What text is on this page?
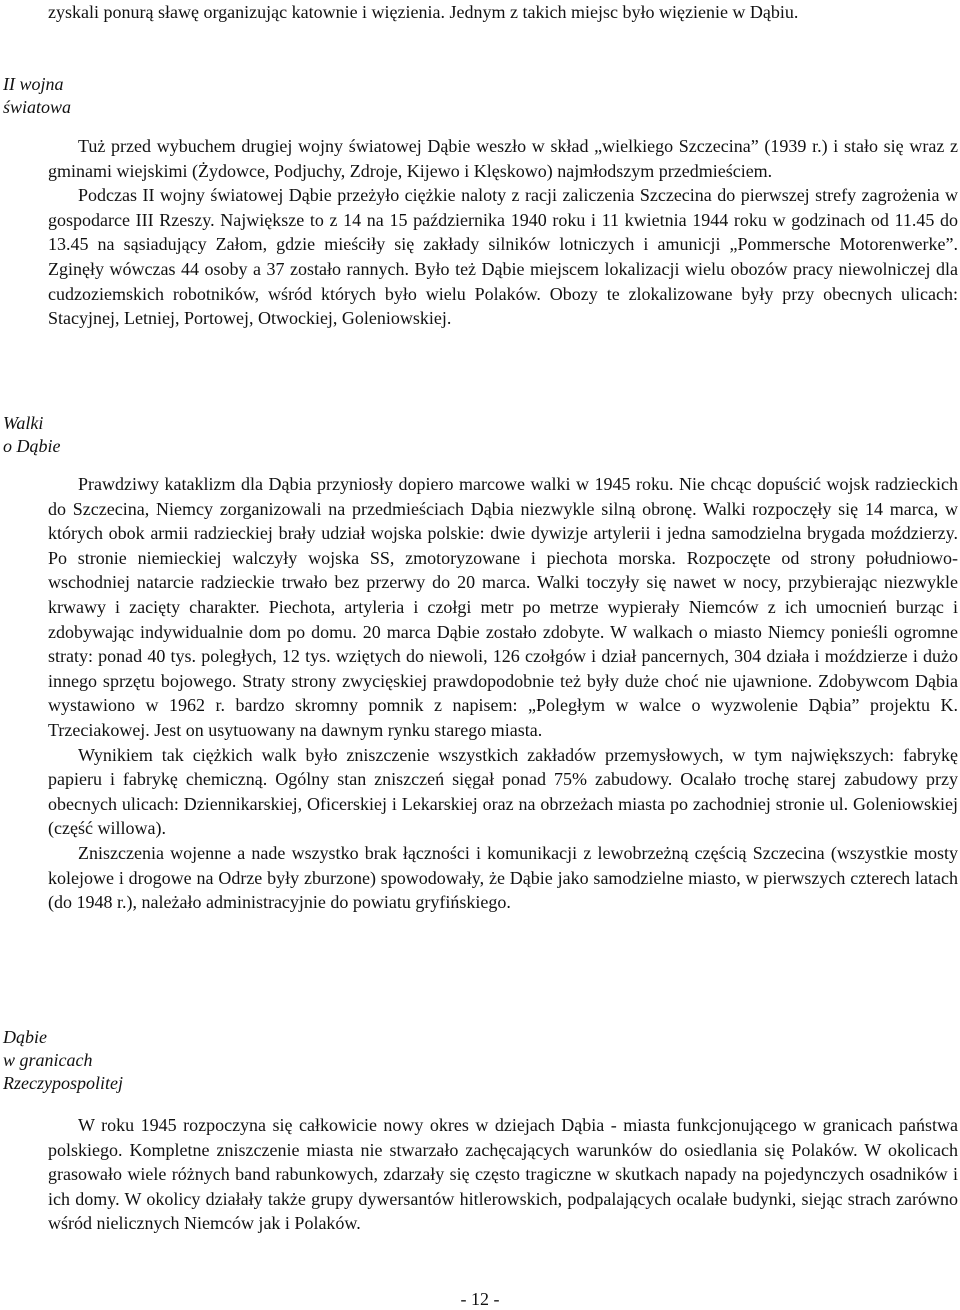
zyskali ponurą sławę organizując katownie i więzienia. Jednym z takich miejsc było więzienie w Dąbiu.

II wojna
światowa

Tuż przed wybuchem drugiej wojny światowej Dąbie weszło w skład „wielkiego Szczecina” (1939 r.) i stało się wraz z gminami wiejskimi (Żydowce, Podjuchy, Zdroje, Kijewo i Klęskowo) najmłodszym przedmieściem.

Podczas II wojny światowej Dąbie przeżyło ciężkie naloty z racji zaliczenia Szczecina do pierwszej strefy zagrożenia w gospodarce III Rzeszy. Największe to z 14 na 15 października 1940 roku i 11 kwietnia 1944 roku w godzinach od 11.45 do 13.45 na sąsiadujący Załom, gdzie mieściły się zakłady silników lotniczych i amunicji „Pommersche Motorenwerke”. Zginęły wówczas 44 osoby a 37 zostało rannych. Było też Dąbie miejscem lokalizacji wielu obozów pracy niewolniczej dla cudzoziemskich robotników, wśród których było wielu Polaków. Obozy te zlokalizowane były przy obecnych ulicach: Stacyjnej, Letniej, Portowej, Otwockiej, Goleniowskiej.

Walki
o Dąbie

Prawdziwy kataklizm dla Dąbia przyniosły dopiero marcowe walki w 1945 roku. Nie chcąc dopuścić wojsk radzieckich do Szczecina, Niemcy zorganizowali na przedmieściach Dąbia niezwykle silną obronę. Walki rozpoczęły się 14 marca, w których obok armii radzieckiej brały udział wojska polskie: dwie dywizje artylerii i jedna samodzielna brygada moździerzy. Po stronie niemieckiej walczyły wojska SS, zmotoryzowane i piechota morska. Rozpoczęte od strony południowo-wschodniej natarcie radzieckie trwało bez przerwy do 20 marca. Walki toczyły się nawet w nocy, przybierając niezwykle krwawy i zacięty charakter. Piechota, artyleria i czołgi metr po metrze wypierały Niemców z ich umocnień burząc i zdobywając indywidualnie dom po domu. 20 marca Dąbie zostało zdobyte. W walkach o miasto Niemcy ponieśli ogromne straty: ponad 40 tys. poległych, 12 tys. wziętych do niewoli, 126 czołgów i dział pancernych, 304 działa i moździerze i dużo innego sprzętu bojowego. Straty strony zwycięskiej prawdopodobnie też były duże choć nie ujawnione. Zdobywcom Dąbia wystawiono w 1962 r. bardzo skromny pomnik z napisem: „Poległym w walce o wyzwolenie Dąbia” projektu K. Trzeciakowej. Jest on usytuowany na dawnym rynku starego miasta.

Wynikiem tak ciężkich walk było zniszczenie wszystkich zakładów przemysłowych, w tym największych: fabrykę papieru i fabrykę chemiczną. Ogólny stan zniszczeń sięgał ponad 75% zabudowy. Ocalało trochę starej zabudowy przy obecnych ulicach: Dziennikarskiej, Oficerskiej i Lekarskiej oraz na obrzeżach miasta po zachodniej stronie ul. Goleniowskiej (część willowa).

Zniszczenia wojenne a nade wszystko brak łączności i komunikacji z lewobrzeżną częścią Szczecina (wszystkie mosty kolejowe i drogowe na Odrze były zburzone) spowodowały, że Dąbie jako samodzielne miasto, w pierwszych czterech latach (do 1948 r.), należało administracyjnie do powiatu gryfińskiego.

Dąbie
w granicach
Rzeczypospolitej

W roku 1945 rozpoczyna się całkowicie nowy okres w dziejach Dąbia - miasta funkcjonującego w granicach państwa polskiego. Kompletne zniszczenie miasta nie stwarzało zachęcających warunków do osiedlania się Polaków. W okolicach grasowało wiele różnych band rabunkowych, zdarzały się często tragiczne w skutkach napady na pojedynczych osadników i ich domy. W okolicy działały także grupy dywersantów hitlerowskich, podpalających ocalałe budynki, siejąc strach zarówno wśród nielicznych Niemców jak i Polaków.

- 12 -
